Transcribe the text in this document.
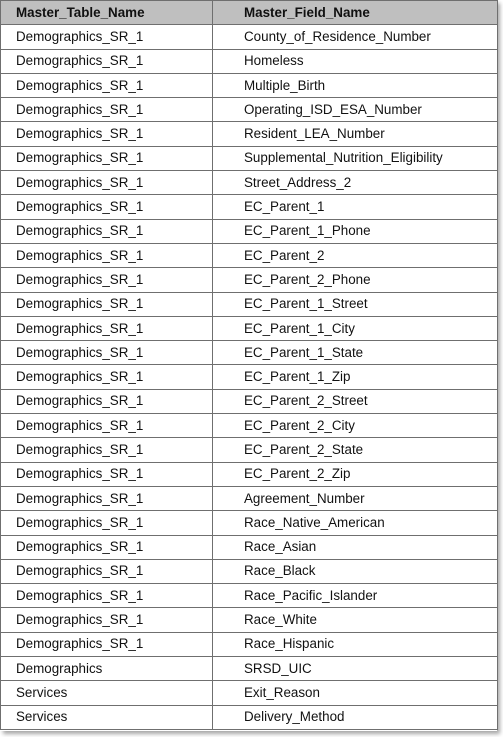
Master_Table_Name	Master_Field_Name
Demographics_SR_1	County_of_Residence_Number
Demographics_SR_1	Homeless
Demographics_SR_1	Multiple_Birth
Demographics_SR_1	Operating_ISD_ESA_Number
Demographics_SR_1	Resident_LEA_Number
Demographics_SR_1	Supplemental_Nutrition_Eligibility
Demographics_SR_1	Street_Address_2
Demographics_SR_1	EC_Parent_1
Demographics_SR_1	EC_Parent_1_Phone
Demographics_SR_1	EC_Parent_2
Demographics_SR_1	EC_Parent_2_Phone
Demographics_SR_1	EC_Parent_1_Street
Demographics_SR_1	EC_Parent_1_City
Demographics_SR_1	EC_Parent_1_State
Demographics_SR_1	EC_Parent_1_Zip
Demographics_SR_1	EC_Parent_2_Street
Demographics_SR_1	EC_Parent_2_City
Demographics_SR_1	EC_Parent_2_State
Demographics_SR_1	EC_Parent_2_Zip
Demographics_SR_1	Agreement_Number
Demographics_SR_1	Race_Native_American
Demographics_SR_1	Race_Asian
Demographics_SR_1	Race_Black
Demographics_SR_1	Race_Pacific_Islander
Demographics_SR_1	Race_White
Demographics_SR_1	Race_Hispanic
Demographics	SRSD_UIC
Services	Exit_Reason
Services	Delivery_Method
